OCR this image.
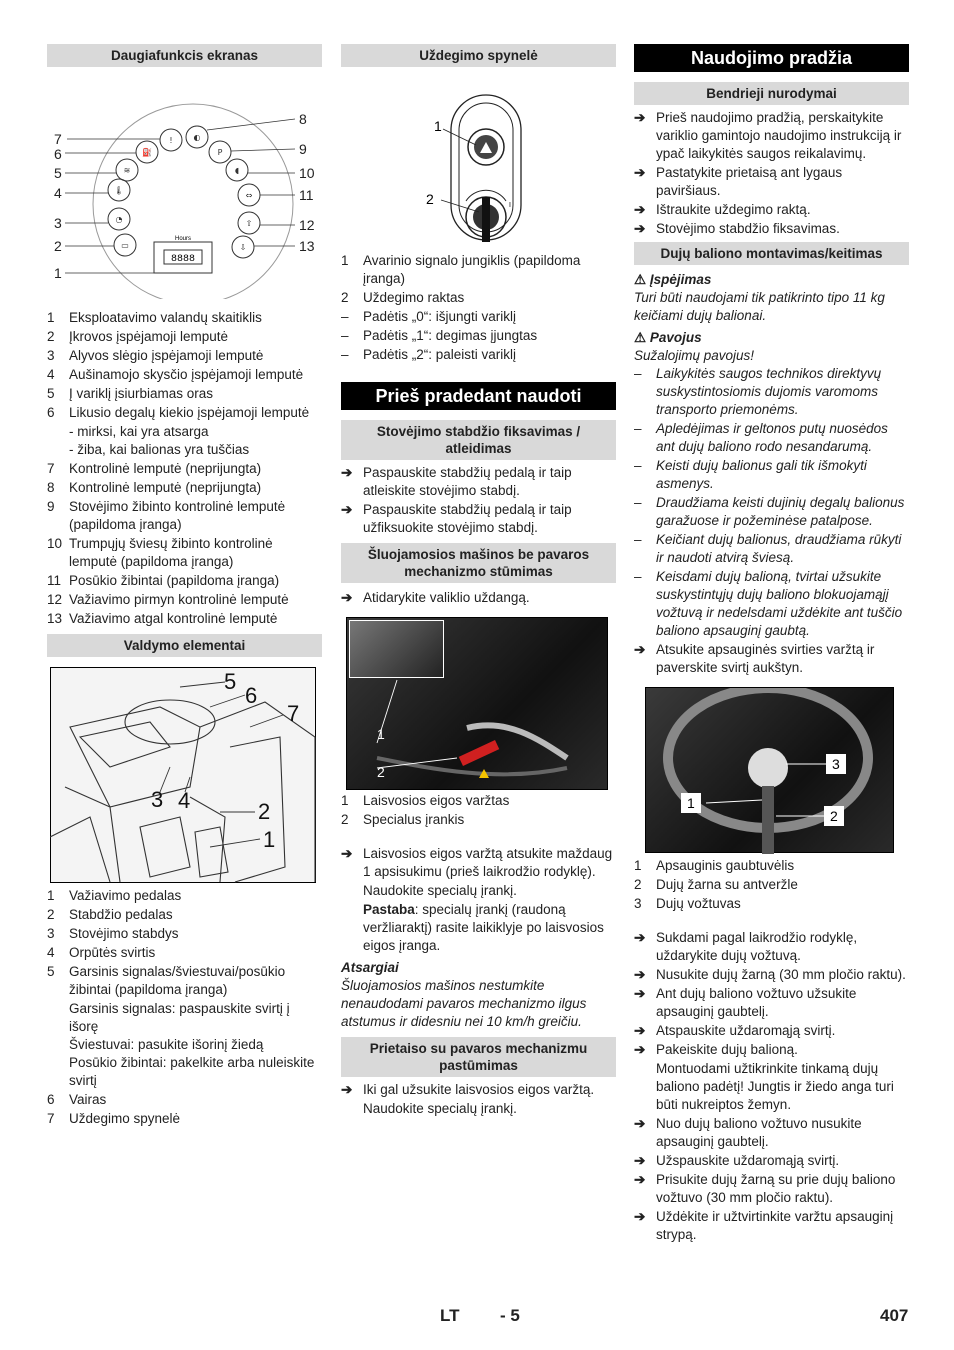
Daugiafunkcis ekranas
!
⛽
≋
🌡
◔
▭
◐
P
◖
⇔
⇧
⇩
Hours
8888
7
6
5
4
3
2
1
8
9
10
11
12
13
1	Eksploatavimo valandų skaitiklis
2	Įkrovos įspėjamoji lemputė
3	Alyvos slėgio įspėjamoji lemputė
4	Aušinamojo skysčio įspėjamoji lemputė
5	Į variklį įsiurbiamas oras
6	Likusio degalų kiekio įspėjamoji lemputė
- mirksi, kai yra atsarga
- žiba, kai balionas yra tuščias
7	Kontrolinė lemputė (neprijungta)
8	Kontrolinė lemputė (neprijungta)
9	Stovėjimo žibinto kontrolinė lemputė (papildoma įranga)
10 Trumpųjų šviesų žibinto kontrolinė lemputė (papildoma įranga)
11 Posūkio žibintai (papildoma įranga)
12 Važiavimo pirmyn kontrolinė lemputė
13 Važiavimo atgal kontrolinė lemputė
Valdymo elementai
5
6
7
3 4	2
1
1	Važiavimo pedalas
2	Stabdžio pedalas
3	Stovėjimo stabdys
4	Orpūtės svirtis
5	Garsinis signalas/šviestuvai/posūkio žibintai (papildoma įranga)
Garsinis signalas: paspauskite svirtį į išorę
Šviestuvai: pasukite išorinį žiedą
Posūkio žibintai: pakelkite arba nuleiskite svirtį
6	Vairas
7	Uždegimo spynelė
Uždegimo spynelė
I
1
2
1	Avarinio signalo jungiklis (papildoma įranga)
2	Uždegimo raktas
–	Padėtis „0“: išjungti variklį
–	Padėtis „1“: degimas įjungtas
–	Padėtis „2“: paleisti variklį
Prieš pradedant naudoti
Stovėjimo stabdžio fiksavimas / atleidimas
➔ Paspauskite stabdžių pedalą ir taip atleiskite stovėjimo stabdį.
➔ Paspauskite stabdžių pedalą ir taip užfiksuokite stovėjimo stabdį.
Šluojamosios mašinos be pavaros mechanizmo stūmimas
➔ Atidarykite valiklio uždangą.
1
2
1	Laisvosios eigos varžtas
2	Specialus įrankis
➔ Laisvosios eigos varžtą atsukite maždaug 1 apsisukimu (prieš laikrodžio rodyklę).
Naudokite specialų įrankį.
Pastaba: specialų įrankį (raudoną veržliaraktį) rasite laikiklyje po laisvosios eigos įranga.
Atsargiai
Šluojamosios mašinos nestumkite nenaudodami pavaros mechanizmo ilgus atstumus ir didesniu nei 10 km/h greičiu.
Prietaiso su pavaros mechanizmu pastūmimas
➔ Iki gal užsukite laisvosios eigos varžtą.
Naudokite specialų įrankį.
Naudojimo pradžia
Bendrieji nurodymai
➔ Prieš naudojimo pradžią, perskaitykite variklio gamintojo naudojimo instrukciją ir ypač laikykitės saugos reikalavimų.
➔ Pastatykite prietaisą ant lygaus paviršiaus.
➔ Ištraukite uždegimo raktą.
➔ Stovėjimo stabdžio fiksavimas.
Dujų baliono montavimas/keitimas
⚠ Įspėjimas
Turi būti naudojami tik patikrinto tipo 11 kg keičiami dujų balionai.
⚠ Pavojus
Sužalojimų pavojus!
–	Laikykitės saugos technikos direktyvų suskystintosiomis dujomis varomoms transporto priemonėms.
–	Apledėjimas ir geltonos putų nuosėdos ant dujų baliono rodo nesandarumą.
–	Keisti dujų balionus gali tik išmokyti asmenys.
–	Draudžiama keisti dujinių degalų balionus garažuose ir požeminėse patalpose.
–	Keičiant dujų balionus, draudžiama rūkyti ir naudoti atvirą šviesą.
–	Keisdami dujų balioną, tvirtai užsukite suskystintųjų dujų baliono blokuojamąjį vožtuvą ir nedelsdami uždėkite ant tuščio baliono apsauginį gaubtą.
➔ Atsukite apsauginės svirties varžtą ir paverskite svirtį aukštyn.
3
1
2
1	Apsauginis gaubtuvėlis
2	Dujų žarna su antveržle
3	Dujų vožtuvas
➔ Sukdami pagal laikrodžio rodyklę, uždarykite dujų vožtuvą.
➔ Nusukite dujų žarną (30 mm pločio raktu).
➔ Ant dujų baliono vožtuvo užsukite apsauginį gaubtelį.
➔ Atspauskite uždaromąją svirtį.
➔ Pakeiskite dujų balioną.
Montuodami užtikrinkite tinkamą dujų baliono padėtį! Jungtis ir žiedo anga turi būti nukreiptos žemyn.
➔ Nuo dujų baliono vožtuvo nusukite apsauginį gaubtelį.
➔ Užspauskite uždaromąją svirtį.
➔ Prisukite dujų žarną su prie dujų baliono vožtuvo (30 mm pločio raktu).
➔ Uždėkite ir užtvirtinkite varžtu apsauginį strypą.
LT - 5	407
